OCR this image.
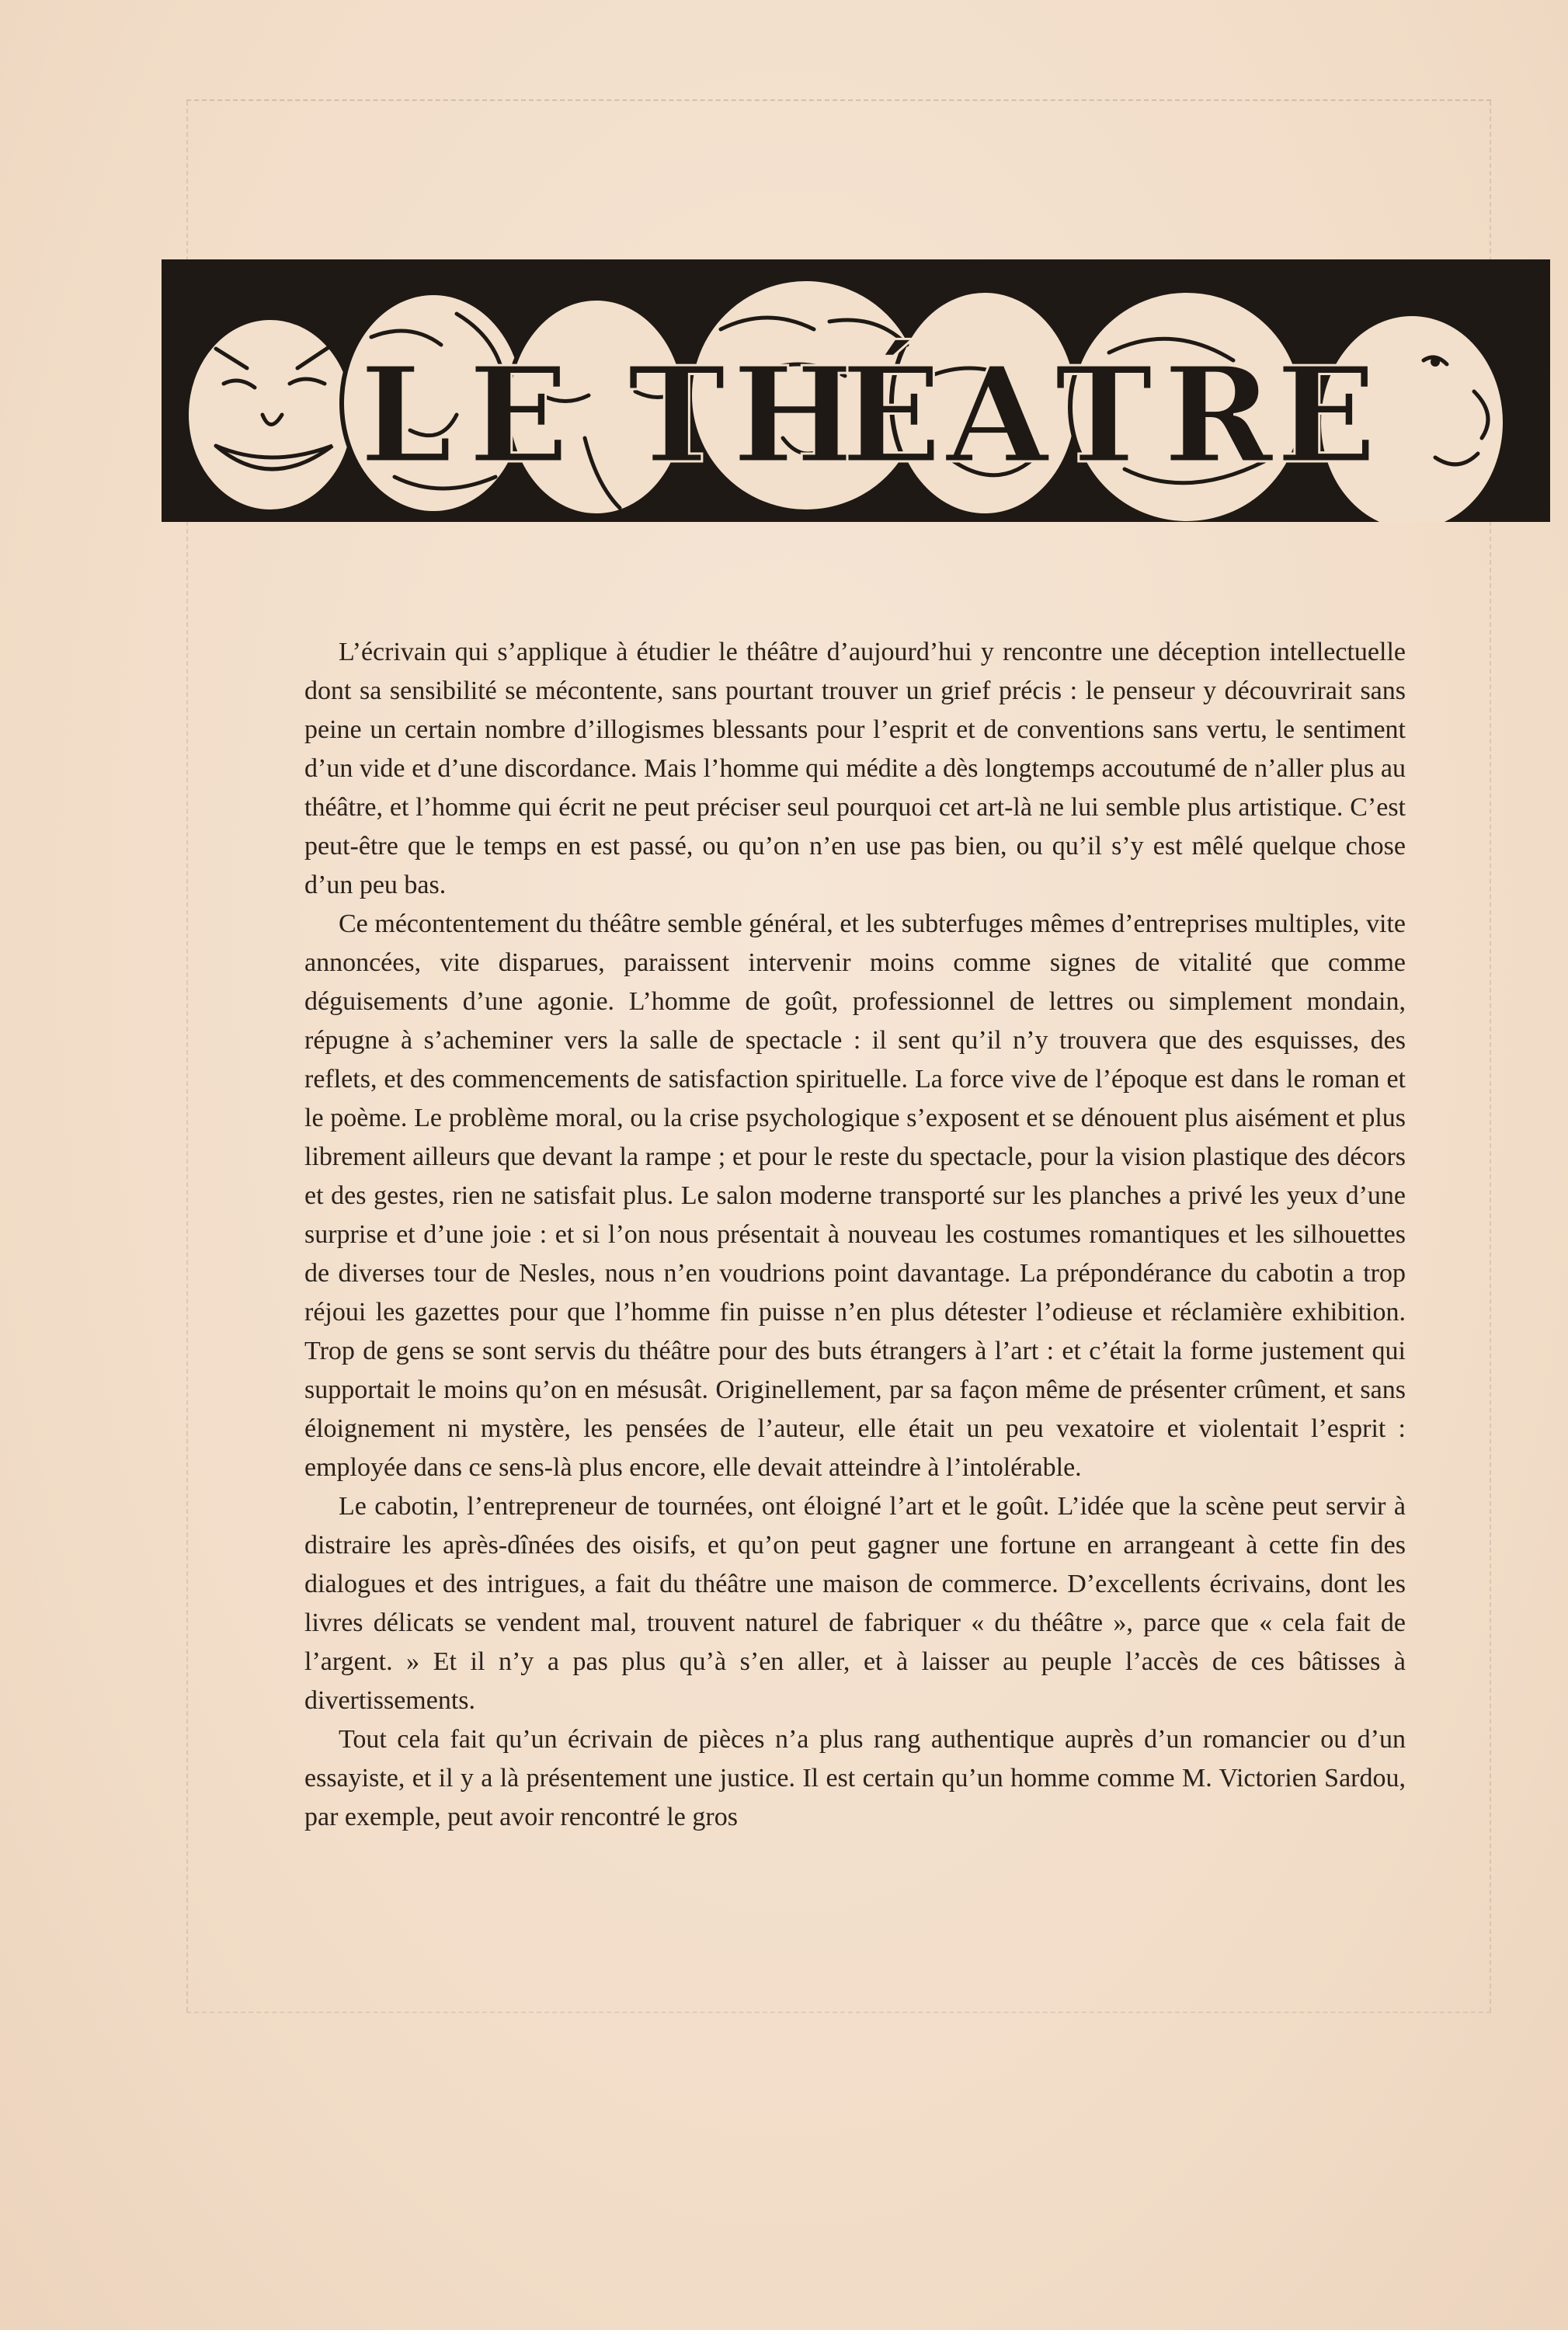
L E T H
É A T R E

L’écrivain qui s’applique à étudier le théâtre d’aujourd’hui y rencontre une déception intellectuelle dont sa sensibilité se mécontente, sans pourtant trouver un grief précis : le penseur y découvrirait sans peine un certain nombre d’illogismes blessants pour l’esprit et de conventions sans vertu, le sentiment d’un vide et d’une discordance. Mais l’homme qui médite a dès longtemps accoutumé de n’aller plus au théâtre, et l’homme qui écrit ne peut préciser seul pourquoi cet art-là ne lui semble plus artistique. C’est peut-être que le temps en est passé, ou qu’on n’en use pas bien, ou qu’il s’y est mêlé quelque chose d’un peu bas.

Ce mécontentement du théâtre semble général, et les subterfuges mêmes d’entreprises multiples, vite annoncées, vite disparues, paraissent intervenir moins comme signes de vitalité que comme déguisements d’une agonie. L’homme de goût, professionnel de lettres ou simplement mondain, répugne à s’acheminer vers la salle de spectacle : il sent qu’il n’y trouvera que des esquisses, des reflets, et des commencements de satisfaction spirituelle. La force vive de l’époque est dans le roman et le poème. Le problème moral, ou la crise psychologique s’exposent et se dénouent plus aisément et plus librement ailleurs que devant la rampe ; et pour le reste du spectacle, pour la vision plastique des décors et des gestes, rien ne satisfait plus. Le salon moderne transporté sur les planches a privé les yeux d’une surprise et d’une joie : et si l’on nous présentait à nouveau les costumes romantiques et les silhouettes de diverses tour de Nesles, nous n’en voudrions point davantage. La prépondérance du cabotin a trop réjoui les gazettes pour que l’homme fin puisse n’en plus détester l’odieuse et réclamière exhibition. Trop de gens se sont servis du théâtre pour des buts étrangers à l’art : et c’était la forme justement qui supportait le moins qu’on en mésusât. Originellement, par sa façon même de présenter crûment, et sans éloignement ni mystère, les pensées de l’auteur, elle était un peu vexatoire et violentait l’esprit : employée dans ce sens-là plus encore, elle devait atteindre à l’intolérable.

Le cabotin, l’entrepreneur de tournées, ont éloigné l’art et le goût. L’idée que la scène peut servir à distraire les après-dînées des oisifs, et qu’on peut gagner une fortune en arrangeant à cette fin des dialogues et des intrigues, a fait du théâtre une maison de commerce. D’excellents écrivains, dont les livres délicats se vendent mal, trouvent naturel de fabriquer « du théâtre », parce que « cela fait de l’argent. » Et il n’y a pas plus qu’à s’en aller, et à laisser au peuple l’accès de ces bâtisses à divertissements.

Tout cela fait qu’un écrivain de pièces n’a plus rang authentique auprès d’un romancier ou d’un essayiste, et il y a là présentement une justice. Il est certain qu’un homme comme M. Victorien Sardou, par exemple, peut avoir rencontré le gros
